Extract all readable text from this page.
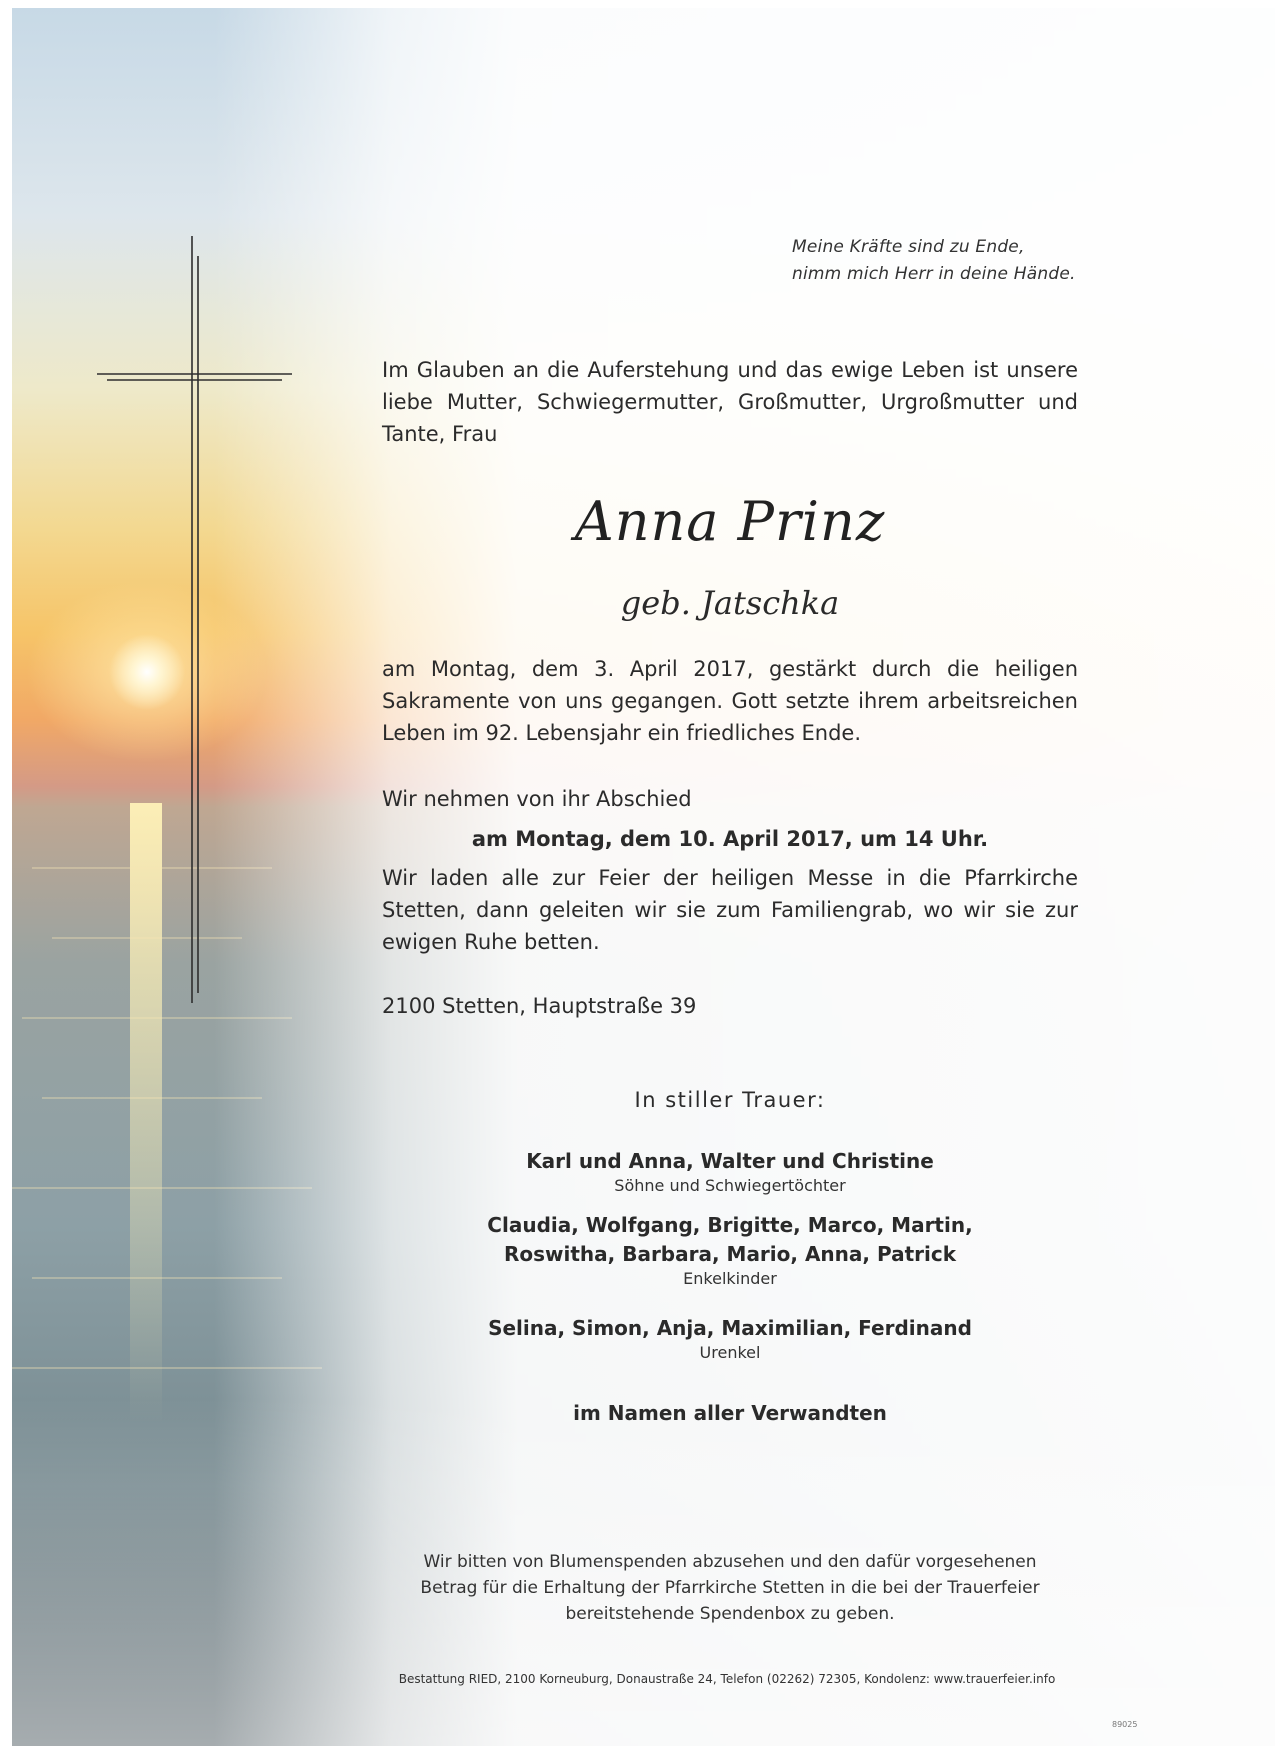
Meine Kräfte sind zu Ende,
nimm mich Herr in deine Hände.
Im Glauben an die Auferstehung und das ewige Leben ist unsere liebe Mutter, Schwiegermutter, Großmutter, Urgroßmutter und Tante, Frau
Anna Prinz
geb. Jatschka
am Montag, dem 3. April 2017, gestärkt durch die heiligen Sakramente von uns gegangen. Gott setzte ihrem arbeitsreichen Leben im 92. Lebensjahr ein friedliches Ende.
Wir nehmen von ihr Abschied
am Montag, dem 10. April 2017, um 14 Uhr.
Wir laden alle zur Feier der heiligen Messe in die Pfarrkirche Stetten, dann geleiten wir sie zum Familiengrab, wo wir sie zur ewigen Ruhe betten.
2100 Stetten, Hauptstraße 39
In stiller Trauer:
Karl und Anna, Walter und Christine
Söhne und Schwiegertöchter
Claudia, Wolfgang, Brigitte, Marco, Martin, Roswitha, Barbara, Mario, Anna, Patrick
Enkelkinder
Selina, Simon, Anja, Maximilian, Ferdinand
Urenkel
im Namen aller Verwandten
Wir bitten von Blumenspenden abzusehen und den dafür vorgesehenen
Betrag für die Erhaltung der Pfarrkirche Stetten in die bei der Trauerfeier
bereitstehende Spendenbox zu geben.
Bestattung RIED, 2100 Korneuburg, Donaustraße 24, Telefon (02262) 72305, Kondolenz: www.trauerfeier.info
89025
